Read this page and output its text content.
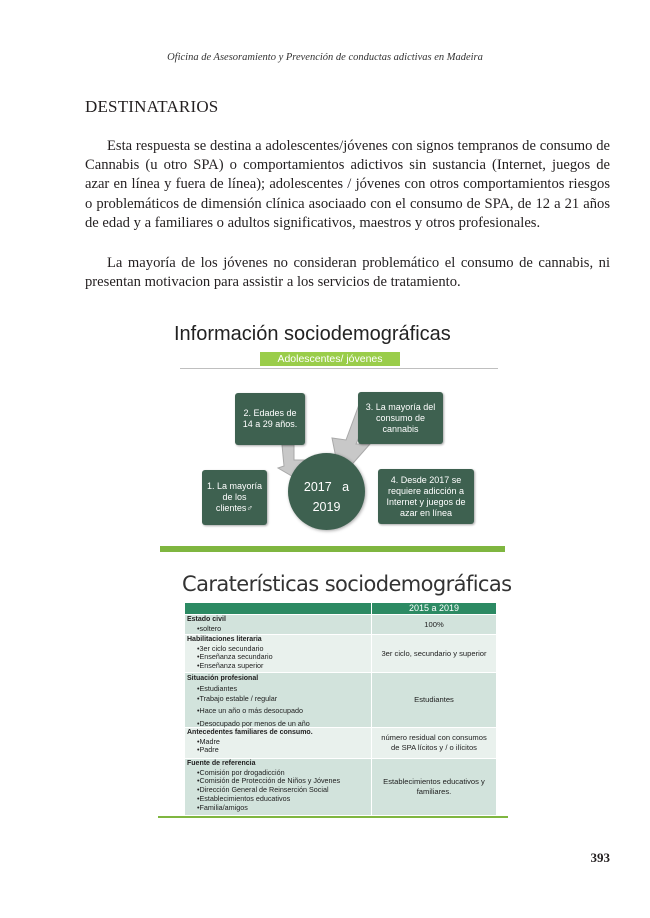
Oficina de Asesoramiento y Prevención de conductas adictivas en Madeira
DESTINATARIOS

Esta respuesta se destina a adolescentes/jóvenes con signos tempranos de consumo de Cannabis (u otro SPA) o comportamientos adictivos sin sustancia (Internet, juegos de azar en línea y fuera de línea); adolescentes / jóvenes con otros comportamientos riesgos o problemáticos de dimensión clínica asociaado con el consumo de SPA, de 12 a 21 años de edad y a familiares o adultos significativos, maestros y otros profesionales.

La mayoría de los jóvenes no consideran problemático el consumo de cannabis, ni presentan motivacion para assistir a los servicios de tratamiento.

Información sociodemográficas
Adolescentes/ jóvenes
2. Edades de 14 a 29 años.
3. La mayoría del consumo de cannabis
1. La mayoría de los clientes♂
4. Desde 2017 se requiere adicción a Internet y juegos de azar en línea
2017   a
2019
Caraterísticas sociodemográficas
2015 a 2019
Estado civil
•soltero	100%
Habilitaciones literaria
•3er ciclo secundario
•Enseñanza secundario
•Enseñanza superior
3er ciclo, secundario y superior
Situación profesional
•Estudiantes
•Trabajo estable / regular
•Hace un año o más desocupado
•Desocupado por menos de un año
Estudiantes
Antecedentes familiares de consumo.
•Madre
•Padre
número residual con consumos de SPA lícitos y / o ilícitos
Fuente de referencia
•Comisión por drogadicción
•Comisión de Protección de Niños y Jóvenes
•Dirección General de Reinserción Social
•Establecimientos educativos
•Familia/amigos
Establecimientos educativos y familiares.
393
